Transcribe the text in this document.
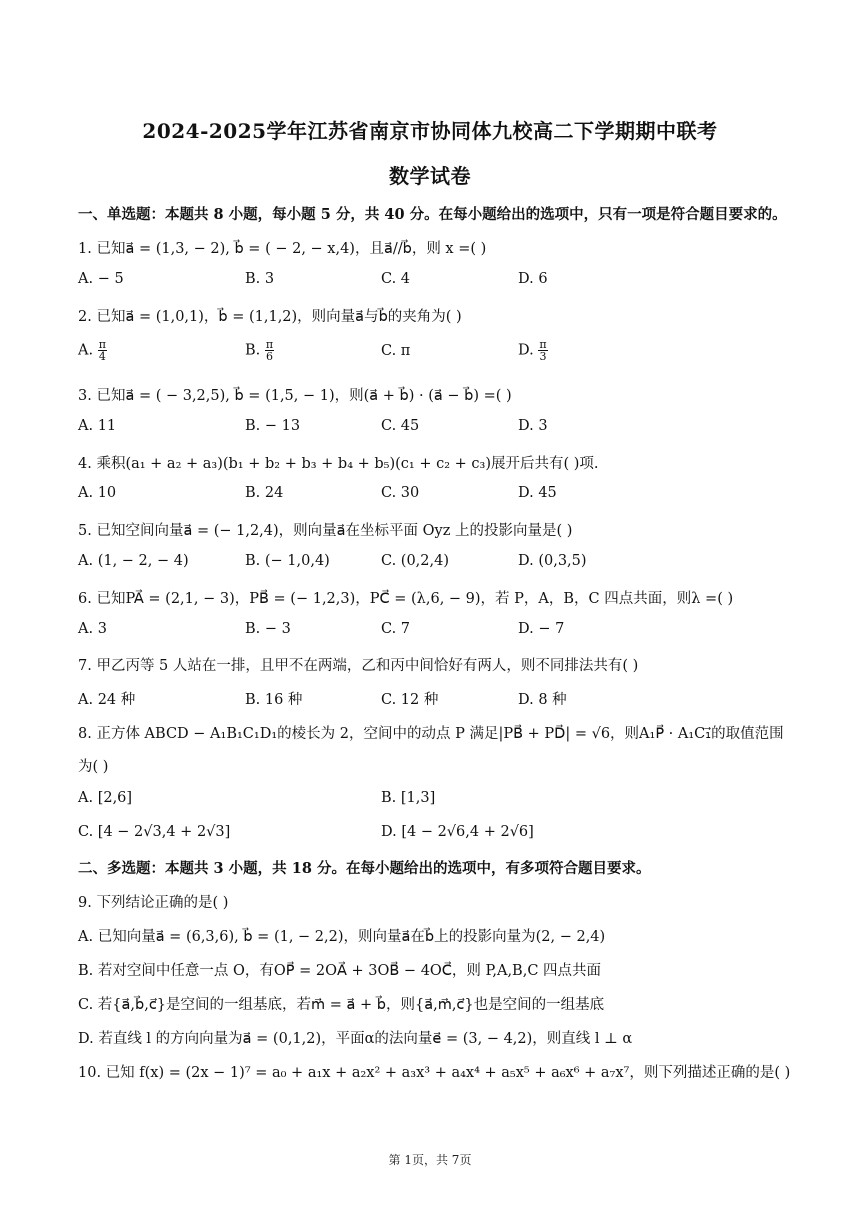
2024-2025学年江苏省南京市协同体九校高二下学期期中联考
数学试卷
一、单选题：本题共 8 小题，每小题 5 分，共 40 分。在每小题给出的选项中，只有一项是符合题目要求的。
1. 已知a⃗ = (1,3, − 2), b⃗ = ( − 2, − x,4)，且a⃗//b⃗，则 x =( )
A. − 5	B. 3	C. 4	D. 6
2. 已知a⃗ = (1,0,1)，b⃗ = (1,1,2)，则向量a⃗与b⃗的夹角为( )
A. $\frac{\pi}{4}$	B. $\frac{\pi}{6}$	C. π	D. $\frac{\pi}{3}$
3. 已知a⃗ = ( − 3,2,5), b⃗ = (1,5, − 1)，则(a⃗ + b⃗) · (a⃗ − b⃗) =( )
A. 11	B. − 13	C. 45	D. 3
4. 乘积(a₁ + a₂ + a₃)(b₁ + b₂ + b₃ + b₄ + b₅)(c₁ + c₂ + c₃)展开后共有( )项.
A. 10	B. 24	C. 30	D. 45
5. 已知空间向量a⃗ = (− 1,2,4)，则向量a⃗在坐标平面 Oyz 上的投影向量是( )
A. (1, − 2, − 4)	B. (− 1,0,4)	C. (0,2,4)	D. (0,3,5)
6. 已知PA⃗ = (2,1, − 3)，PB⃗ = (− 1,2,3)，PC⃗ = (λ,6, − 9)，若 P，A，B，C 四点共面，则λ =( )
A. 3	B. − 3	C. 7	D. − 7
7. 甲乙丙等 5 人站在一排，且甲不在两端，乙和丙中间恰好有两人，则不同排法共有( )
A. 24 种	B. 16 种	C. 12 种	D. 8 种
8. 正方体 ABCD − A₁B₁C₁D₁的棱长为 2，空间中的动点 P 满足|PB⃗ + PD⃗| = √6，则A₁P⃗ · A₁C₁⃗的取值范围
为( )
A. [2,6]	B. [1,3]
C. [4 − 2√3,4 + 2√3]	D. [4 − 2√6,4 + 2√6]
二、多选题：本题共 3 小题，共 18 分。在每小题给出的选项中，有多项符合题目要求。
9. 下列结论正确的是( )
A. 已知向量a⃗ = (6,3,6), b⃗ = (1, − 2,2)，则向量a⃗在b⃗上的投影向量为(2, − 2,4)
B. 若对空间中任意一点 O，有OP⃗ = 2OA⃗ + 3OB⃗ − 4OC⃗，则 P,A,B,C 四点共面
C. 若{a⃗,b⃗,c⃗}是空间的一组基底，若m⃗ = a⃗ + b⃗，则{a⃗,m⃗,c⃗}也是空间的一组基底
D. 若直线 l 的方向向量为a⃗ = (0,1,2)，平面α的法向量e⃗ = (3, − 4,2)，则直线 l ⊥ α
10. 已知 f(x) = (2x − 1)⁷ = a₀ + a₁x + a₂x² + a₃x³ + a₄x⁴ + a₅x⁵ + a₆x⁶ + a₇x⁷，则下列描述正确的是( )
第 1页，共 7页
